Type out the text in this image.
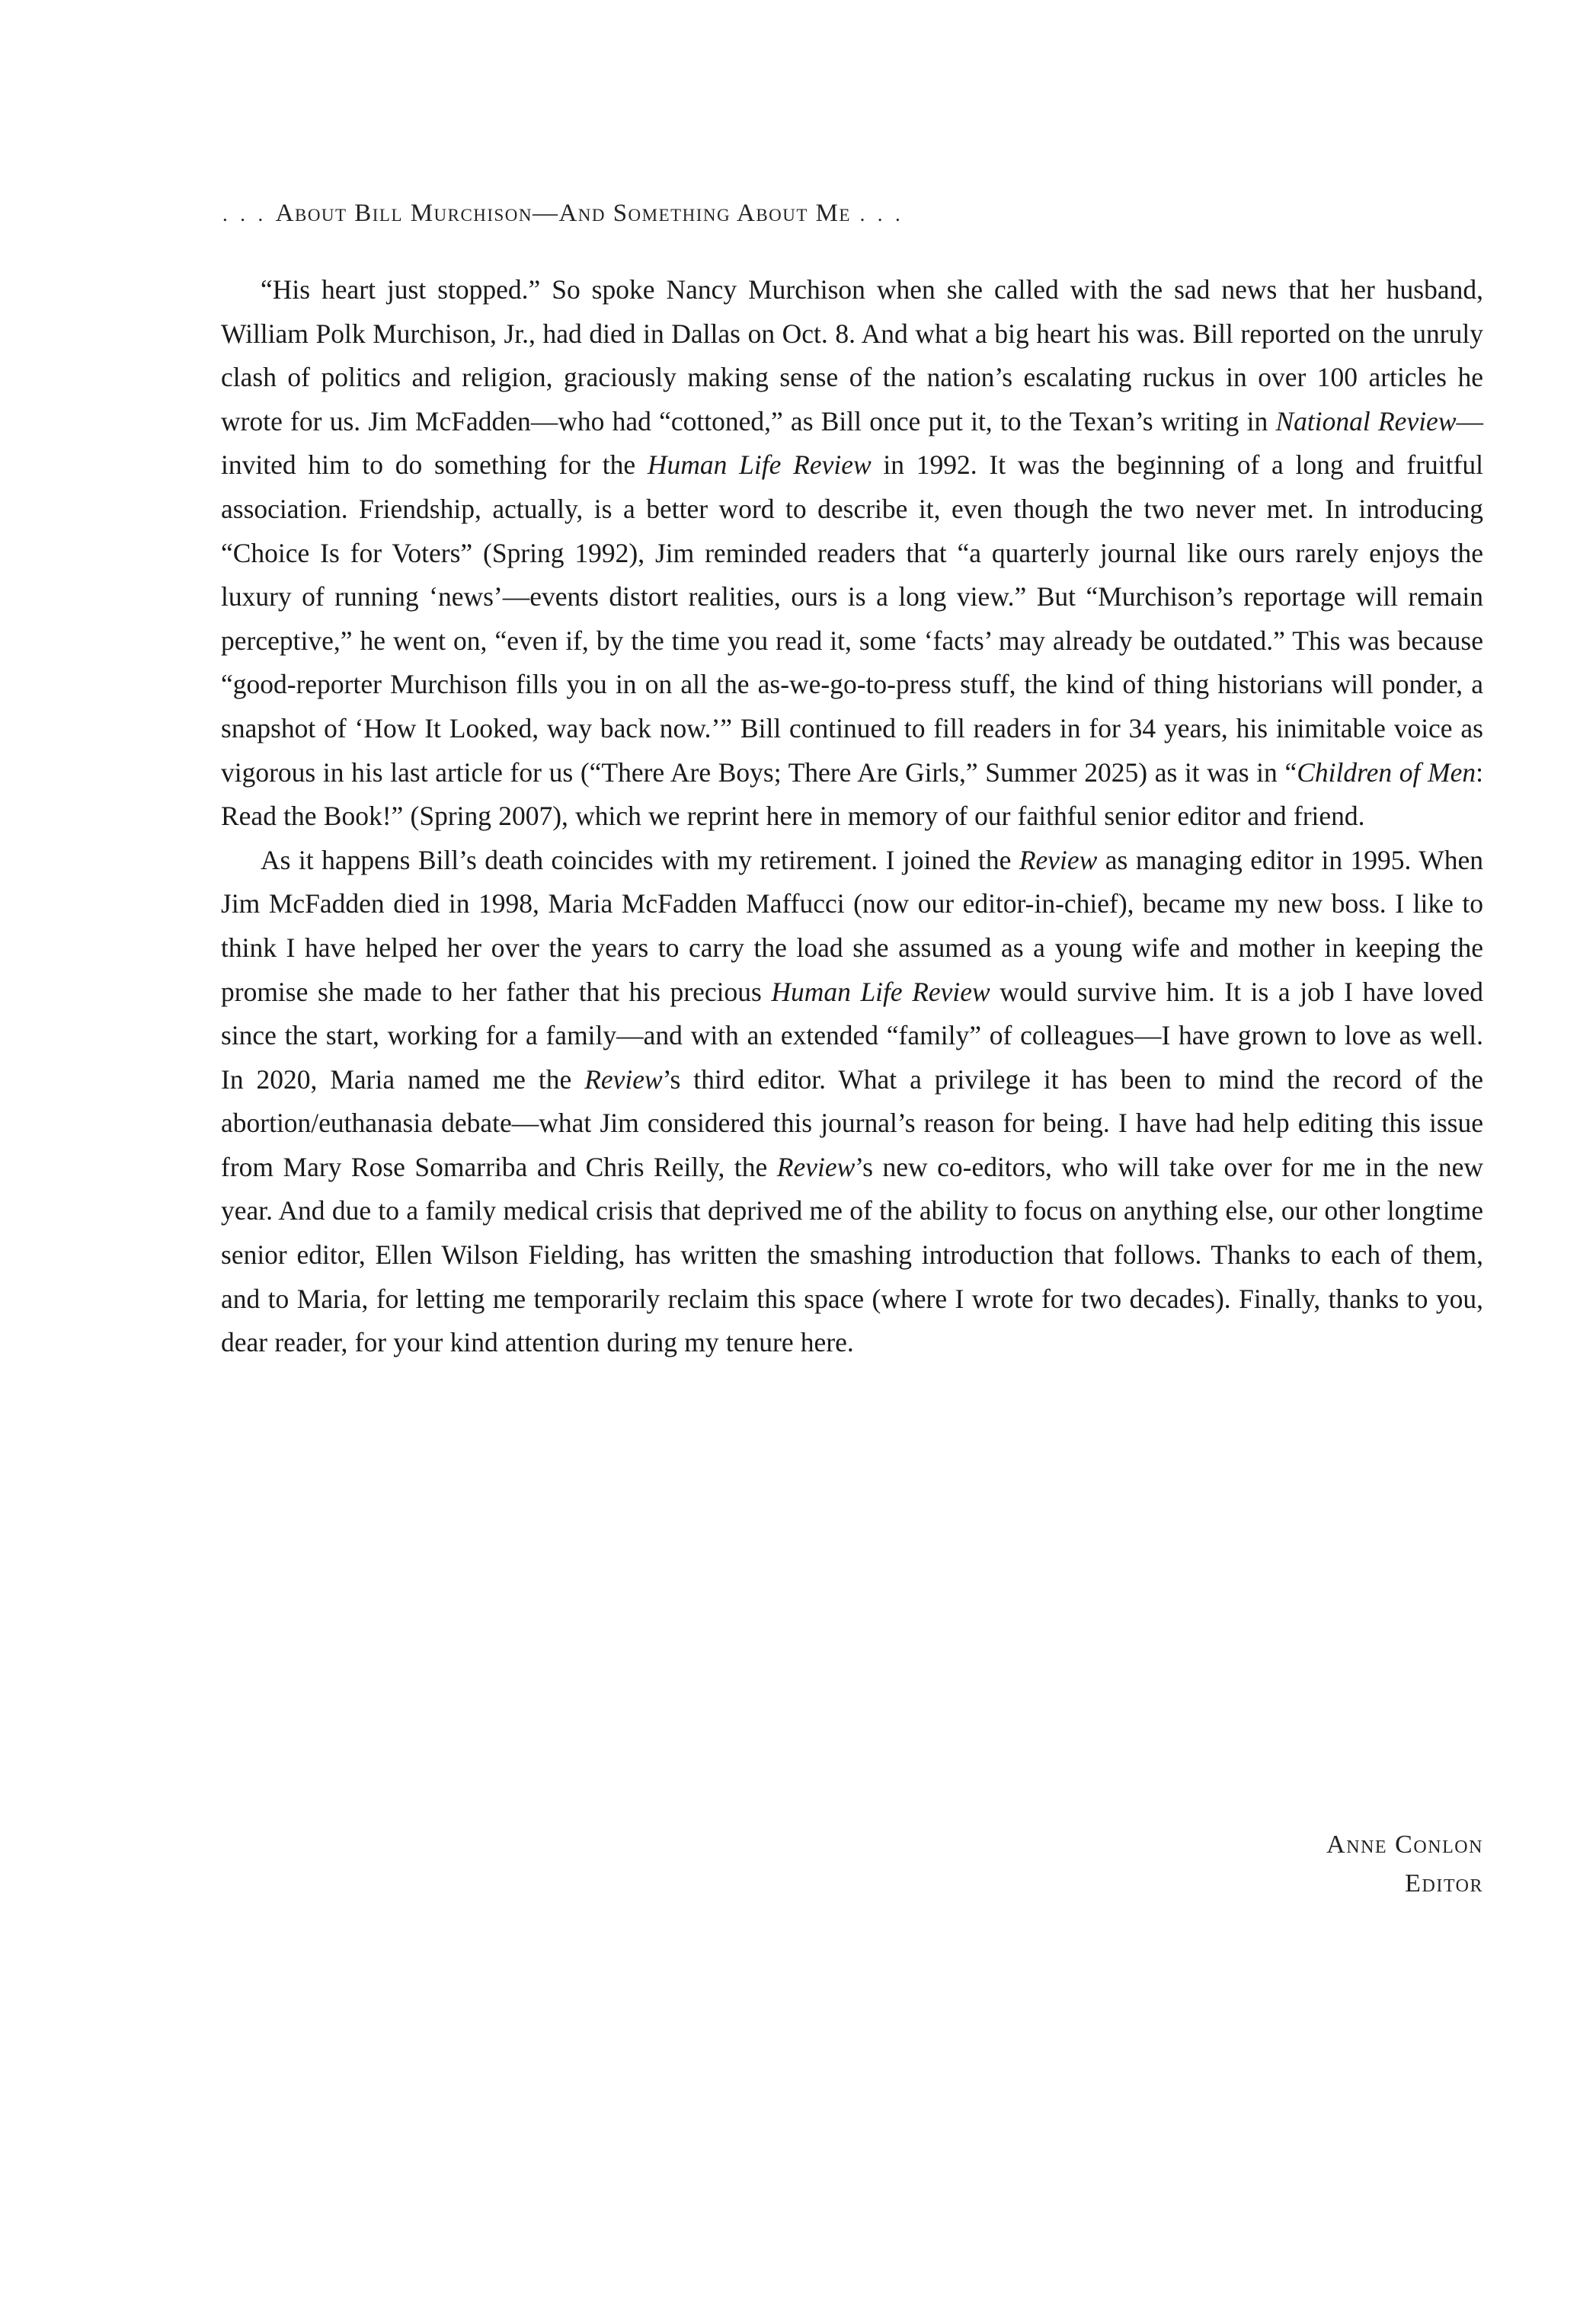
. . . About Bill Murchison—And Something About Me . . .

“His heart just stopped.” So spoke Nancy Murchison when she called with the sad news that her husband, William Polk Murchison, Jr., had died in Dallas on Oct. 8. And what a big heart his was. Bill reported on the unruly clash of politics and religion, graciously making sense of the nation’s escalating ruckus in over 100 articles he wrote for us. Jim McFadden—who had “cottoned,” as Bill once put it, to the Texan’s writing in National Review—invited him to do something for the Human Life Review in 1992. It was the beginning of a long and fruitful association. Friendship, actually, is a better word to describe it, even though the two never met. In introducing “Choice Is for Voters” (Spring 1992), Jim reminded readers that “a quarterly journal like ours rarely enjoys the luxury of running ‘news’—events distort realities, ours is a long view.” But “Murchison’s reportage will remain perceptive,” he went on, “even if, by the time you read it, some ‘facts’ may already be outdated.” This was because “good-reporter Murchison fills you in on all the as-we-go-to-press stuff, the kind of thing historians will ponder, a snapshot of ‘How It Looked, way back now.’” Bill continued to fill readers in for 34 years, his inimitable voice as vigorous in his last article for us (“There Are Boys; There Are Girls,” Summer 2025) as it was in “Children of Men: Read the Book!” (Spring 2007), which we reprint here in memory of our faithful senior editor and friend.

As it happens Bill’s death coincides with my retirement. I joined the Review as managing editor in 1995. When Jim McFadden died in 1998, Maria McFadden Maffucci (now our editor-in-chief), became my new boss. I like to think I have helped her over the years to carry the load she assumed as a young wife and mother in keeping the promise she made to her father that his precious Human Life Review would survive him. It is a job I have loved since the start, working for a family—and with an extended “family” of colleagues—I have grown to love as well. In 2020, Maria named me the Review’s third editor. What a privilege it has been to mind the record of the abortion/euthanasia debate—what Jim considered this journal’s reason for being. I have had help editing this issue from Mary Rose Somarriba and Chris Reilly, the Review’s new co-editors, who will take over for me in the new year. And due to a family medical crisis that deprived me of the ability to focus on anything else, our other longtime senior editor, Ellen Wilson Fielding, has written the smashing introduction that follows. Thanks to each of them, and to Maria, for letting me temporarily reclaim this space (where I wrote for two decades). Finally, thanks to you, dear reader, for your kind attention during my tenure here.

Anne Conlon
Editor
